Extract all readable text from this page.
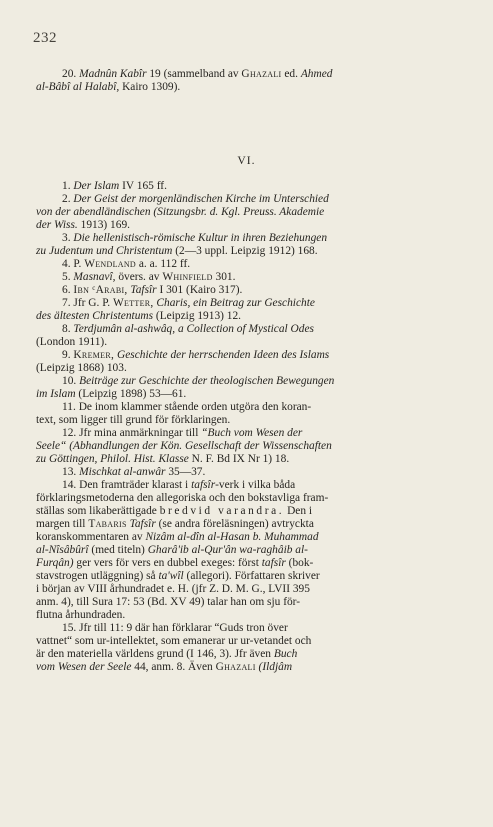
232
20. Madnûn Kabîr 19 (sammelband av Ghazali ed. Ahmed
al-Bâbî al Halabî, Kairo 1309).
VI.
1. Der Islam IV 165 ff.
2. Der Geist der morgenländischen Kirche im Unterschied
von der abendländischen (Sitzungsbr. d. Kgl. Preuss. Akademie
der Wiss. 1913) 169.
3. Die hellenistisch-römische Kultur in ihren Beziehungen
zu Judentum und Christentum (2—3 uppl. Leipzig 1912) 168.
4. P. Wendland a. a. 112 ff.
5. Masnavî, övers. av Whinfield 301.
6. Ibn ᶜArabi, Tafsîr I 301 (Kairo 317).
7. Jfr G. P. Wetter, Charis, ein Beitrag zur Geschichte
des ältesten Christentums (Leipzig 1913) 12.
8. Terdjumân al-ashwâq, a Collection of Mystical Odes
(London 1911).
9. Kremer, Geschichte der herrschenden Ideen des Islams
(Leipzig 1868) 103.
10. Beiträge zur Geschichte der theologischen Bewegungen
im Islam (Leipzig 1898) 53—61.
11. De inom klammer stående orden utgöra den koran-
text, som ligger till grund för förklaringen.
12. Jfr mina anmärkningar till “Buch vom Wesen der
Seele“ (Abhandlungen der Kön. Gesellschaft der Wissenschaften
zu Göttingen, Philol. Hist. Klasse N. F. Bd IX Nr 1) 18.
13. Mischkat al-anwâr 35—37.
14. Den framträder klarast i tafsîr-verk i vilka båda
förklaringsmetoderna den allegoriska och den bokstavliga fram-
ställas som likaberättigade bredvid varandra. Den i
margen till Tabaris Tafsîr (se andra föreläsningen) avtryckta
koranskommentaren av Nizâm al-dîn al-Hasan b. Muhammad
al-Nîsâbûrî (med titeln) Gharâ'ib al-Qur'ân wa-raghâib al-
Furqân) ger vers för vers en dubbel exeges: först tafsîr (bok-
stavstrogen utläggning) så ta'wîl (allegori). Författaren skriver
i början av VIII århundradet e. H. (jfr Z. D. M. G., LVII 395
anm. 4), till Sura 17: 53 (Bd. XV 49) talar han om sju för-
flutna århundraden.
15. Jfr till 11: 9 där han förklarar “Guds tron över
vattnet“ som ur-intellektet, som emanerar ur ur-vetandet och
är den materiella världens grund (I 146, 3). Jfr även Buch
vom Wesen der Seele 44, anm. 8. Även Ghazali (Ildjâm
